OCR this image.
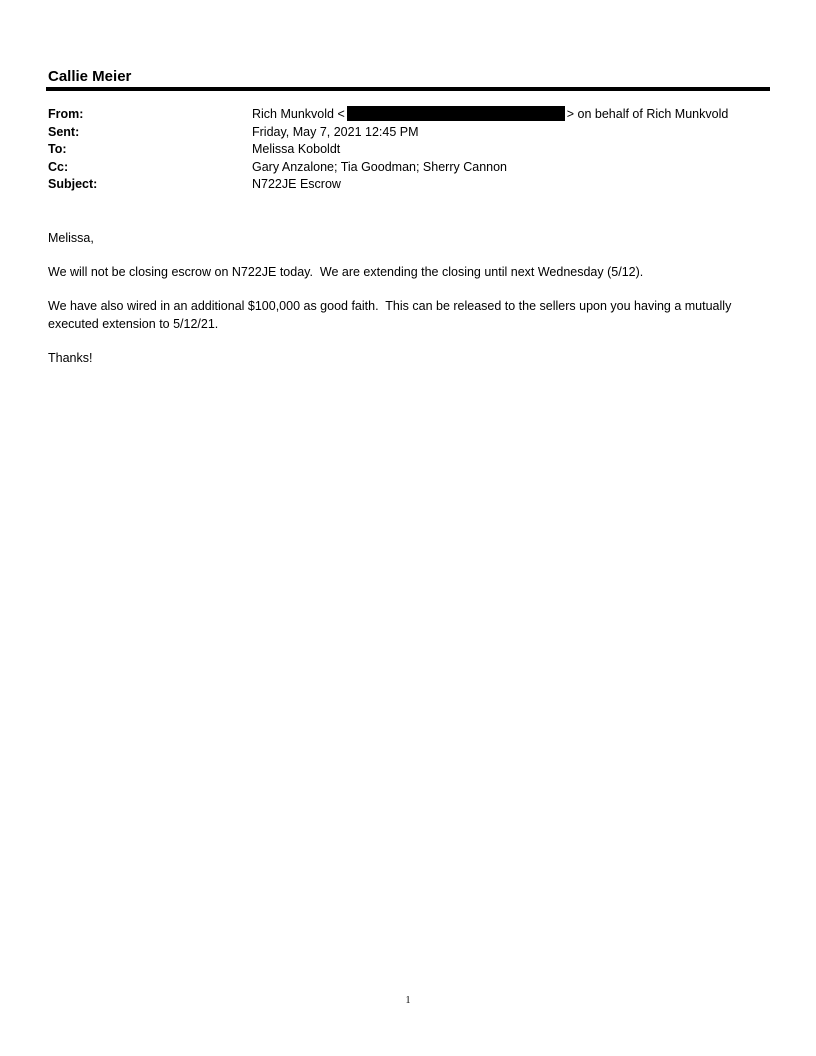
Callie Meier
From:	Rich Munkvold <	> on behalf of Rich Munkvold
Sent:	Friday, May 7, 2021 12:45 PM
To:	Melissa Koboldt
Cc:	Gary Anzalone; Tia Goodman; Sherry Cannon
Subject:	N722JE Escrow

Melissa,

We will not be closing escrow on N722JE today.  We are extending the closing until next Wednesday (5/12).

We have also wired in an additional $100,000 as good faith.  This can be released to the sellers upon you having a mutually executed extension to 5/12/21.

Thanks!

1
